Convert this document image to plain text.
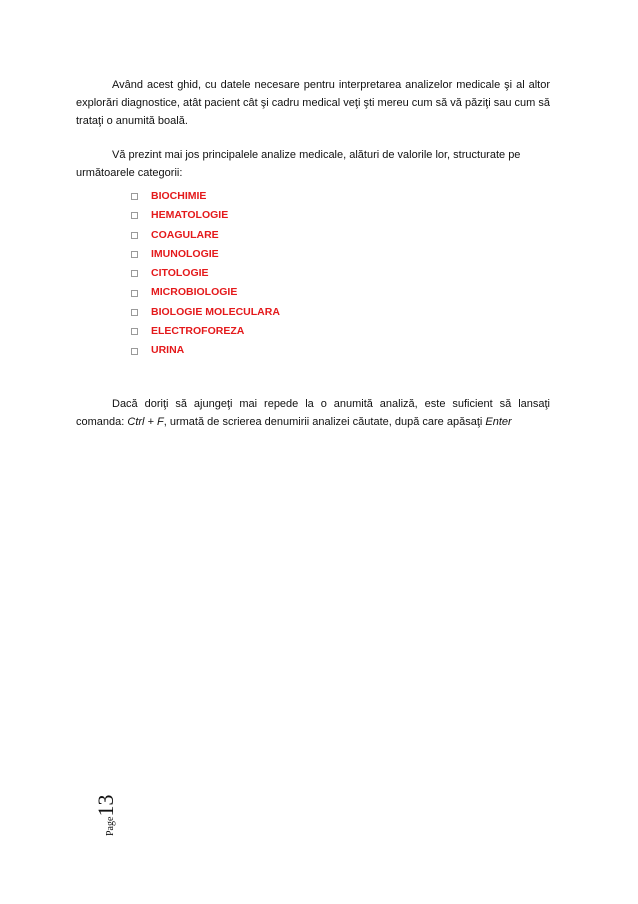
Având acest ghid, cu datele necesare pentru interpretarea analizelor medicale şi al altor explorări diagnostice, atât pacient cât şi cadru medical veţi şti mereu cum să vă păziţi sau cum să trataţi o anumită boală.

Vă prezint mai jos principalele analize medicale, alături de valorile lor, structurate pe următoarele categorii:

BIOCHIMIE
HEMATOLOGIE
COAGULARE
IMUNOLOGIE
CITOLOGIE
MICROBIOLOGIE
BIOLOGIE MOLECULARA
ELECTROFOREZA
URINA

Dacă doriţi să ajungeţi mai repede la o anumită analiză, este suficient să lansaţi comanda: Ctrl + F, urmată de scrierea denumirii analizei căutate, după care apăsaţi Enter

Page13
